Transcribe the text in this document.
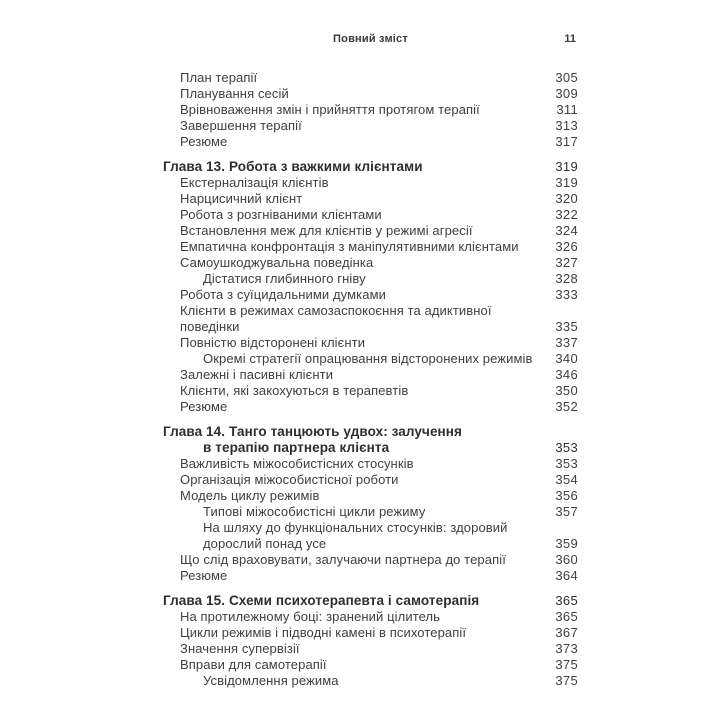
Повний зміст	11
План терапії	305
Планування сесій	309
Врівноваження змін і прийняття протягом терапії	311
Завершення терапії	313
Резюме	317
Глава 13. Робота з важкими клієнтами	319
Екстерналізація клієнтів	319
Нарцисичний клієнт	320
Робота з розгніваними клієнтами	322
Встановлення меж для клієнтів у режимі агресії	324
Емпатична конфронтація з маніпулятивними клієнтами	326
Самоушкоджувальна поведінка	327
Дістатися глибинного гніву	328
Робота з суїцидальними думками	333
Клієнти в режимах самозаспокоєння та адиктивної
поведінки	335
Повністю відсторонені клієнти	337
Окремі стратегії опрацювання відсторонених режимів	340
Залежні і пасивні клієнти	346
Клієнти, які закохуються в терапевтів	350
Резюме	352
Глава 14. Танго танцюють удвох: залучення
в терапію партнера клієнта	353
Важливість міжособистісних стосунків	353
Організація міжособистісної роботи	354
Модель циклу режимів	356
Типові міжособистісні цикли режиму	357
На шляху до функціональних стосунків: здоровий
дорослий понад усе	359
Що слід враховувати, залучаючи партнера до терапії	360
Резюме	364
Глава 15. Схеми психотерапевта і самотерапія	365
На протилежному боці: зранений цілитель	365
Цикли режимів і підводні камені в психотерапії	367
Значення супервізії	373
Вправи для самотерапії	375
Усвідомлення режима	375
